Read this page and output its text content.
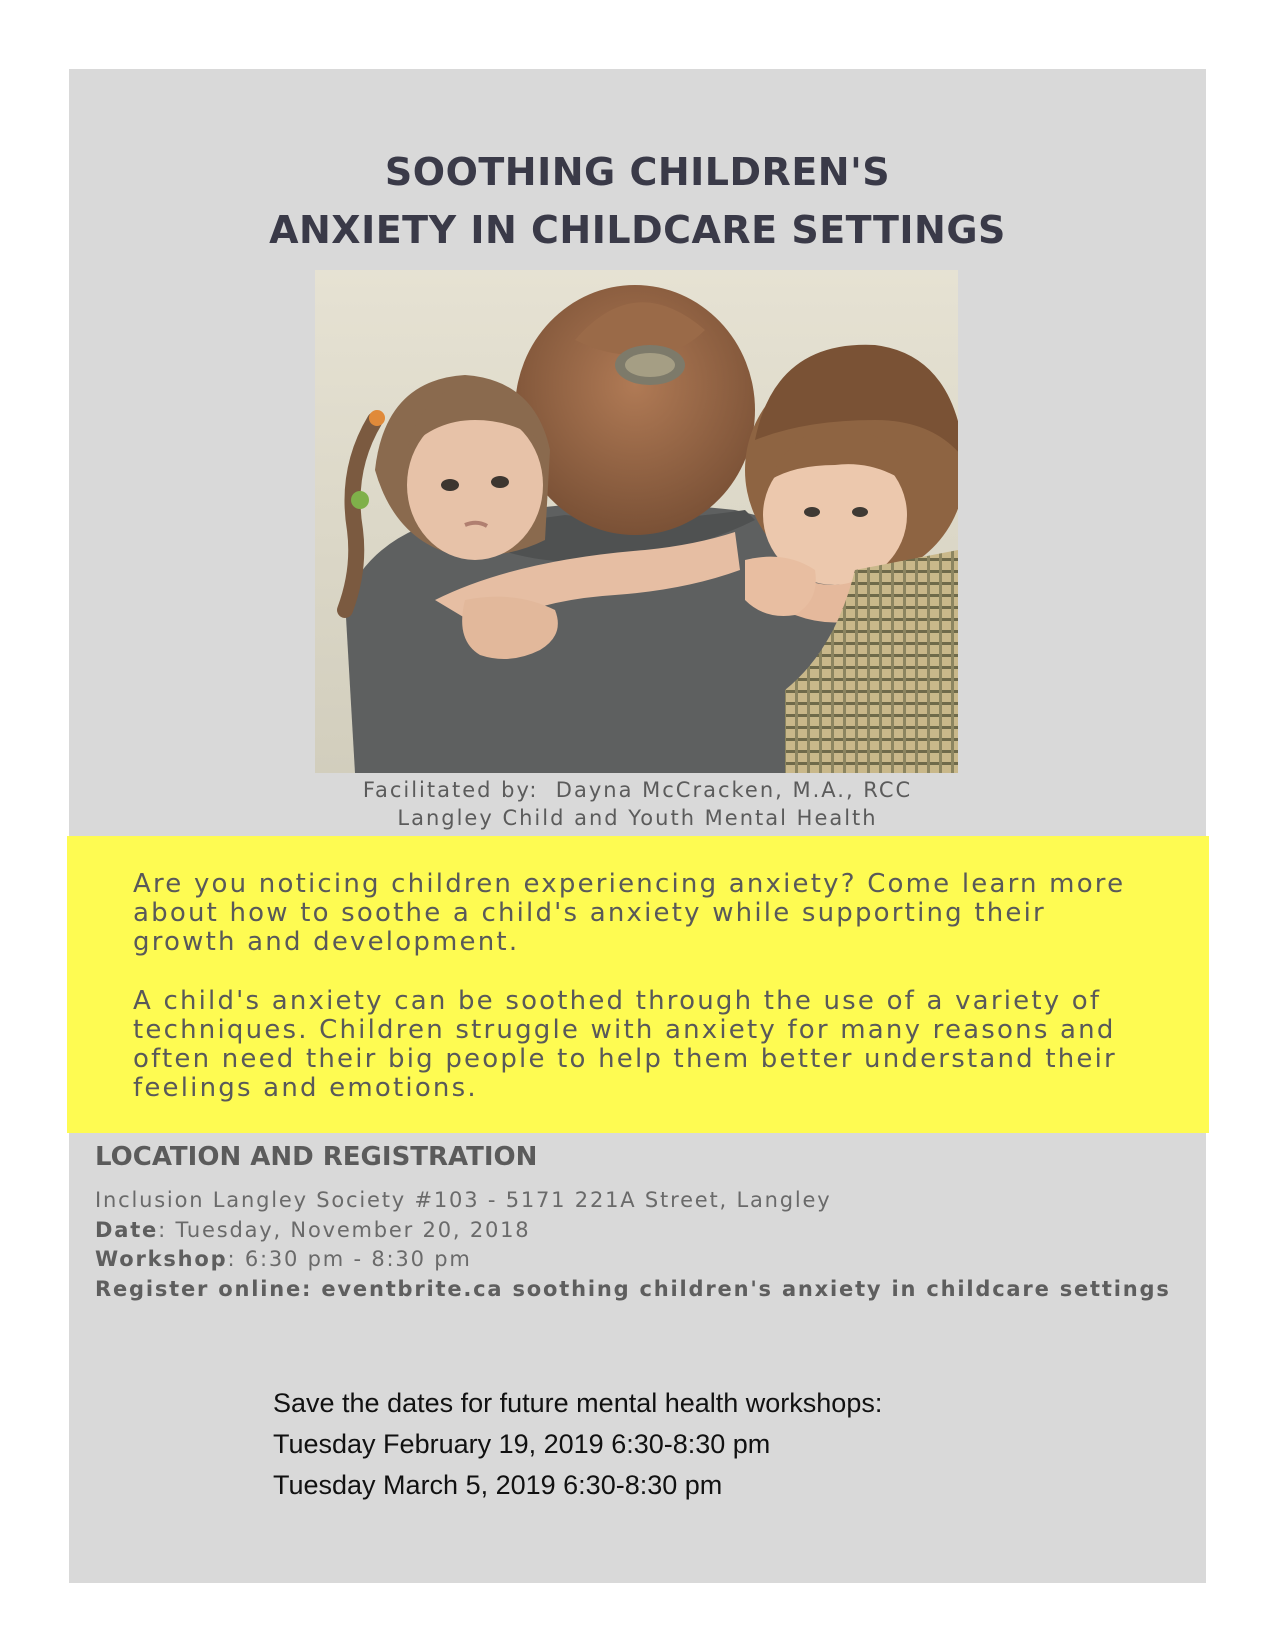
SOOTHING CHILDREN'S
ANXIETY IN CHILDCARE SETTINGS
Facilitated by:  Dayna McCracken, M.A., RCC
Langley Child and Youth Mental Health
Are you noticing children experiencing anxiety? Come learn more about how to soothe a child's anxiety while supporting their growth and development.
A child's anxiety can be soothed through the use of a variety of techniques. Children struggle with anxiety for many reasons and often need their big people to help them better understand their feelings and emotions.
LOCATION AND REGISTRATION
Inclusion Langley Society #103 - 5171 221A Street, Langley
Date: Tuesday, November 20, 2018
Workshop: 6:30 pm - 8:30 pm
Register online: eventbrite.ca soothing children's anxiety in childcare settings
Save the dates for future mental health workshops:
Tuesday February 19, 2019 6:30-8:30 pm
Tuesday March 5, 2019 6:30-8:30 pm
